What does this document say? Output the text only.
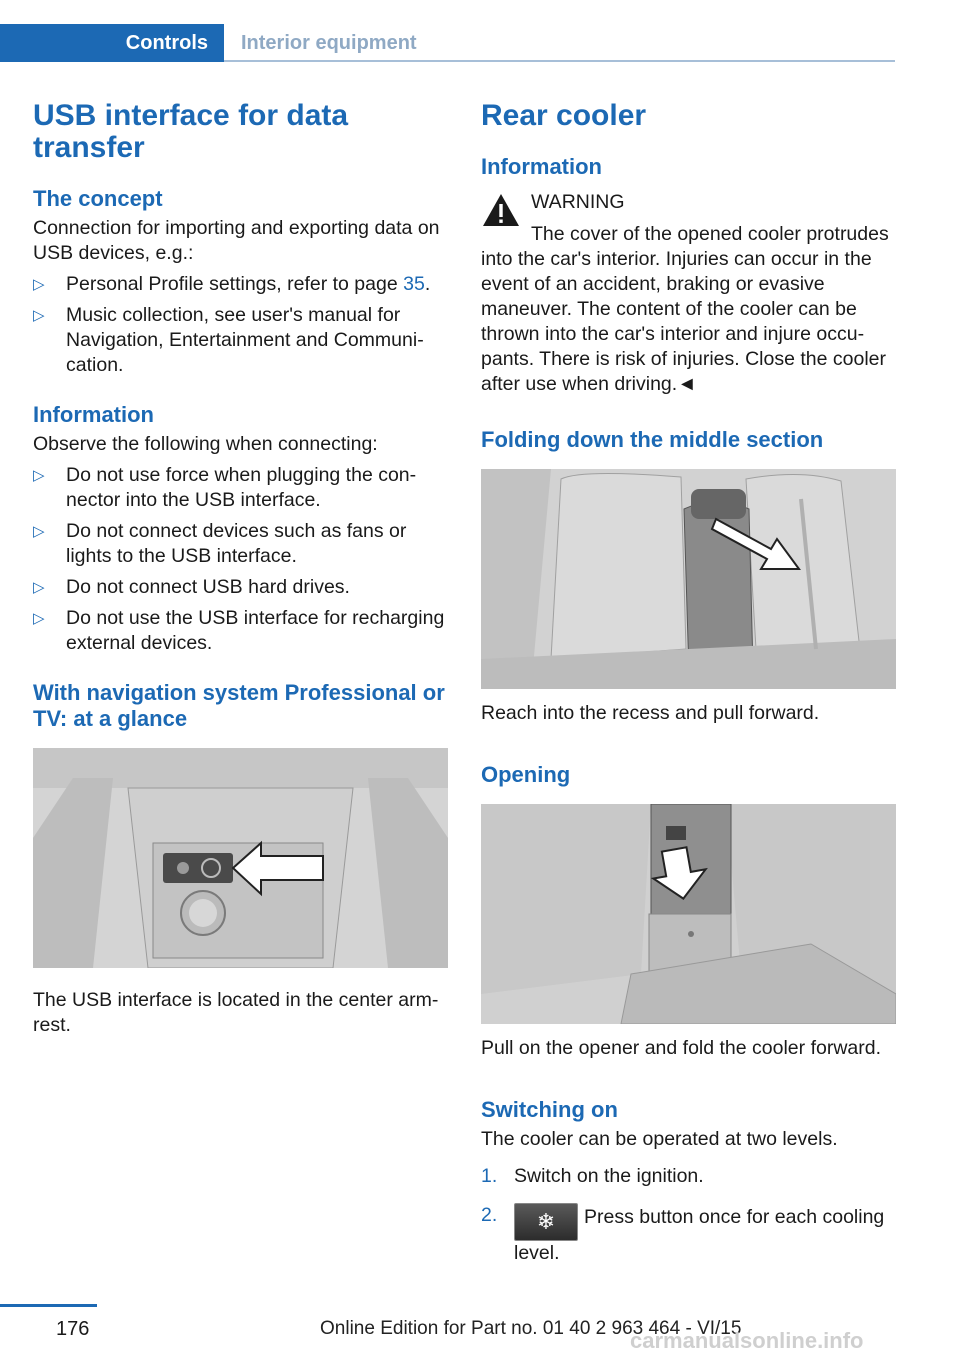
Controls	Interior equipment
USB interface for data transfer
The concept

Connection for importing and exporting data on USB devices, e.g.:

▷ Personal Profile settings, refer to page 35.
▷ Music collection, see user's manual for Navigation, Entertainment and Communication.
Information

Observe the following when connecting:

▷ Do not use force when plugging the connector into the USB interface.
▷ Do not connect devices such as fans or lights to the USB interface.
▷ Do not connect USB hard drives.
▷ Do not use the USB interface for recharging external devices.
With navigation system Professional or TV: at a glance

The USB interface is located in the center armrest.

Rear cooler
Information

WARNING

The cover of the opened cooler protrudes into the car's interior. Injuries can occur in the event of an accident, braking or evasive maneuver. The content of the cooler can be thrown into the car's interior and injure occupants. There is risk of injuries. Close the cooler after use when driving.◄

Folding down the middle section

Reach into the recess and pull forward.

Opening

Pull on the opener and fold the cooler forward.

Switching on

The cooler can be operated at two levels.

1. Switch on the ignition.
2. ❄ Press button once for each cooling level.
176	Online Edition for Part no. 01 40 2 963 464 - VI/15
carmanualsonline.info
